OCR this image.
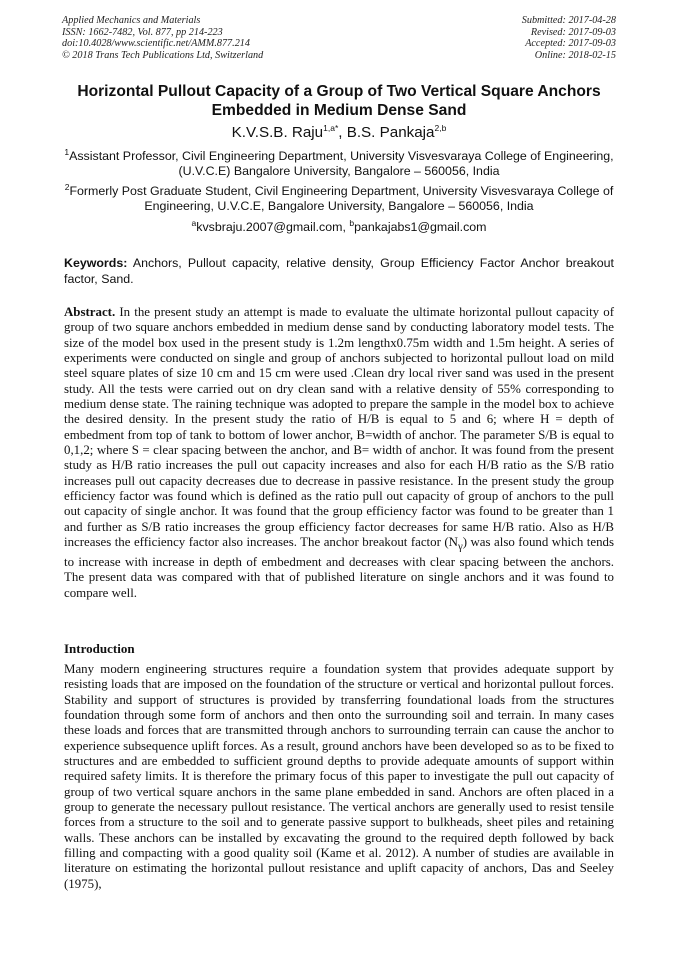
Applied Mechanics and Materials
ISSN: 1662-7482, Vol. 877, pp 214-223
doi:10.4028/www.scientific.net/AMM.877.214
© 2018 Trans Tech Publications Ltd, Switzerland
Submitted: 2017-04-28
Revised: 2017-09-03
Accepted: 2017-09-03
Online: 2018-02-15
Horizontal Pullout Capacity of a Group of Two Vertical Square Anchors Embedded in Medium Dense Sand
K.V.S.B. Raju$^{1,a*}$, B.S. Pankaja$^{2,b}$
$^1$Assistant Professor, Civil Engineering Department, University Visvesvaraya College of Engineering, (U.V.C.E) Bangalore University, Bangalore – 560056, India
$^2$Formerly Post Graduate Student, Civil Engineering Department, University Visvesvaraya College of Engineering, U.V.C.E, Bangalore University, Bangalore – 560056, India
$^a$kvsbraju.2007@gmail.com, $^b$pankajabs1@gmail.com
Keywords: Anchors, Pullout capacity, relative density, Group Efficiency Factor Anchor breakout factor, Sand.
Abstract. In the present study an attempt is made to evaluate the ultimate horizontal pullout capacity of group of two square anchors embedded in medium dense sand by conducting laboratory model tests. The size of the model box used in the present study is 1.2m lengthx0.75m width and 1.5m height. A series of experiments were conducted on single and group of anchors subjected to horizontal pullout load on mild steel square plates of size 10 cm and 15 cm were used .Clean dry local river sand was used in the present study. All the tests were carried out on dry clean sand with a relative density of 55% corresponding to medium dense state. The raining technique was adopted to prepare the sample in the model box to achieve the desired density. In the present study the ratio of H/B is equal to 5 and 6; where H = depth of embedment from top of tank to bottom of lower anchor, B=width of anchor. The parameter S/B is equal to 0,1,2; where S = clear spacing between the anchor, and B= width of anchor. It was found from the present study as H/B ratio increases the pull out capacity increases and also for each H/B ratio as the S/B ratio increases pull out capacity decreases due to decrease in passive resistance. In the present study the group efficiency factor was found which is defined as the ratio pull out capacity of group of anchors to the pull out capacity of single anchor. It was found that the group efficiency factor was found to be greater than 1 and further as S/B ratio increases the group efficiency factor decreases for same H/B ratio. Also as H/B increases the efficiency factor also increases. The anchor breakout factor $(N_\gamma)$ was also found which tends to increase with increase in depth of embedment and decreases with clear spacing between the anchors. The present data was compared with that of published literature on single anchors and it was found to compare well.
Introduction
Many modern engineering structures require a foundation system that provides adequate support by resisting loads that are imposed on the foundation of the structure or vertical and horizontal pullout forces. Stability and support of structures is provided by transferring foundational loads from the structures foundation through some form of anchors and then onto the surrounding soil and terrain. In many cases these loads and forces that are transmitted through anchors to surrounding terrain can cause the anchor to experience subsequence uplift forces. As a result, ground anchors have been developed so as to be fixed to structures and are embedded to sufficient ground depths to provide adequate amounts of support within required safety limits. It is therefore the primary focus of this paper to investigate the pull out capacity of group of two vertical square anchors in the same plane embedded in sand. Anchors are often placed in a group to generate the necessary pullout resistance. The vertical anchors are generally used to resist tensile forces from a structure to the soil and to generate passive support to bulkheads, sheet piles and retaining walls. These anchors can be installed by excavating the ground to the required depth followed by back filling and compacting with a good quality soil (Kame et al. 2012). A number of studies are available in literature on estimating the horizontal pullout resistance and uplift capacity of anchors, Das and Seeley (1975),
